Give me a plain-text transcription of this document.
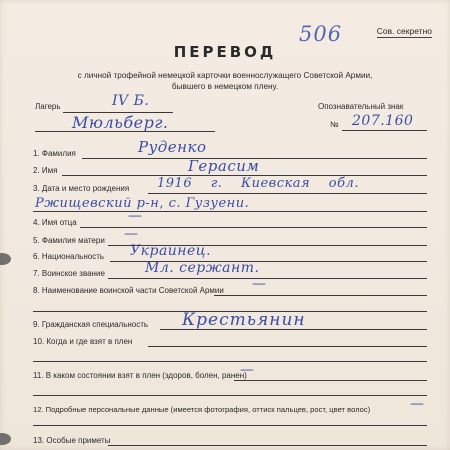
Сов. секретно
506
ПЕРЕВОД
с личной трофейной немецкой карточки военнослужащего Советской Армии,
бывшего в немецком плену.
Лагерь	IV Б.	Опознавательный знак
Мюльберг.	№ 207.160
1. Фамилия	Руденко
2. Имя	Герасим
3. Дата и место рождения 1916 г. Киевская обл.
Ржищевский р-н, с. Гузуени.
4. Имя отца	—
5. Фамилия матери —
6. Национальность Украинец.
7. Воинское звание	Мл. сержант.
8. Наименование воинской части Советской Армии —
9. Гражданская специальность Крестьянин
10. Когда и где взят в плен
11. В каком состоянии взят в плен (здоров, болен, ранен)
—
12. Подробные персональные данные (имеется фотография, оттиск пальцев, рост, цвет волос)	—
13. Особые приметы
